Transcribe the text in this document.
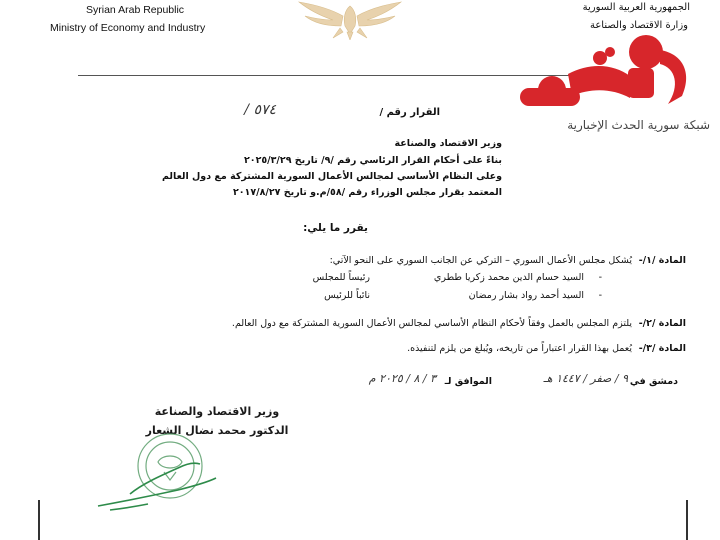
Syrian Arab Republic
Ministry of Economy and Industry
الجمهورية العربية السورية
وزارة الاقتصاد والصناعة
شبكة سورية الحدث الإخبارية
القرار رقم /
٥٧٤ /
وزير الاقتصاد والصناعة
بناءً على أحكام القرار الرئاسي رقم /٩/ تاريخ ٢٠٢٥/٣/٢٩
وعلى النظام الأساسي لمجالس الأعمال السورية المشتركة مع دول العالم
المعتمد بقرار مجلس الوزراء رقم /٥٨/م.و تاريخ ٢٠١٧/٨/٢٧
يقرر ما يلي:
المادة /١/-
يُشكل مجلس الأعمال السوري – التركي عن الجانب السوري على النحو الآتي:
-
السيد حسام الدين محمد زكريا ططري
رئيساً للمجلس
-
السيد أحمد رواد بشار رمضان
نائباً للرئيس
المادة /٢/-
يلتزم المجلس بالعمل وفقاً لأحكام النظام الأساسي لمجالس الأعمال السورية المشتركة مع دول العالم.
المادة /٣/-
يُعمل بهذا القرار اعتباراً من تاريخه، ويُبلغ من يلزم لتنفيذه.
دمشق في
٩ / صفر / ١٤٤٧ هـ
الموافق لـ
٣ / ٨ / ٢٠٢٥ م
وزير الاقتصاد والصناعة
الدكتور محمد نضال الشعار
